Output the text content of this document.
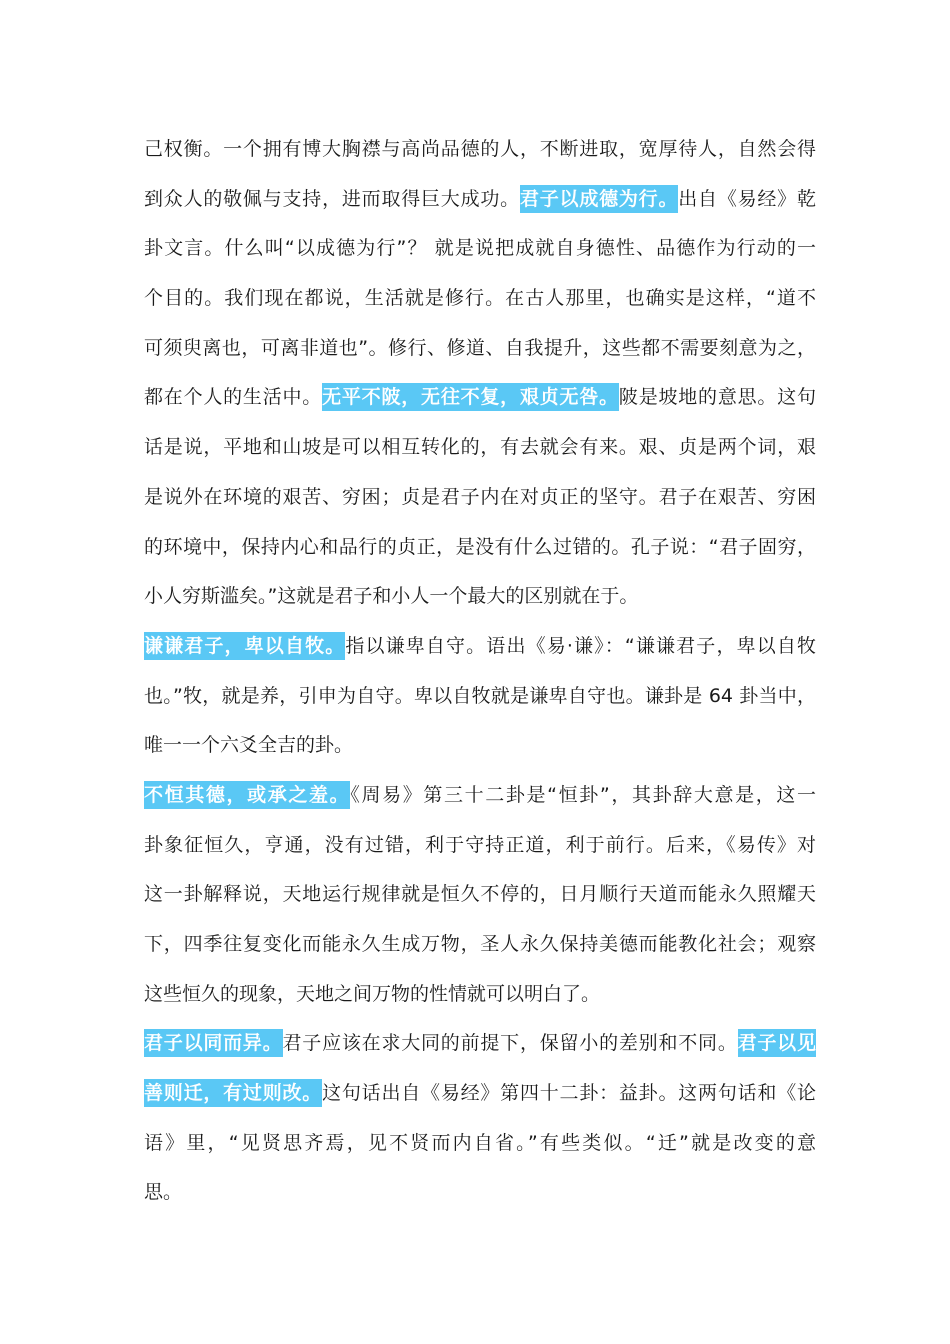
己权衡。一个拥有博大胸襟与高尚品德的人，不断进取，宽厚待人，自然会得
到众人的敬佩与支持，进而取得巨大成功。君子以成德为行。出自《易经》乾
卦文言。什么叫“以成德为行”？ 就是说把成就自身德性、品德作为行动的一
个目的。我们现在都说，生活就是修行。在古人那里，也确实是这样，“道不
可须臾离也，可离非道也”。修行、修道、自我提升，这些都不需要刻意为之，
都在个人的生活中。无平不陂，无往不复，艰贞无咎。陂是坡地的意思。这句
话是说，平地和山坡是可以相互转化的，有去就会有来。艰、贞是两个词，艰
是说外在环境的艰苦、穷困；贞是君子内在对贞正的坚守。君子在艰苦、穷困
的环境中，保持内心和品行的贞正，是没有什么过错的。孔子说：“君子固穷，
小人穷斯滥矣。”这就是君子和小人一个最大的区别就在于。
谦谦君子，卑以自牧。指以谦卑自守。语出《易·谦》：“谦谦君子，卑以自牧
也。”牧，就是养，引申为自守。卑以自牧就是谦卑自守也。谦卦是 64 卦当中，
唯一一个六爻全吉的卦。
不恒其德，或承之羞。《周易》第三十二卦是“恒卦”，其卦辞大意是，这一
卦象征恒久，亨通，没有过错，利于守持正道，利于前行。后来，《易传》对
这一卦解释说，天地运行规律就是恒久不停的，日月顺行天道而能永久照耀天
下，四季往复变化而能永久生成万物，圣人永久保持美德而能教化社会；观察
这些恒久的现象，天地之间万物的性情就可以明白了。
君子以同而异。君子应该在求大同的前提下，保留小的差别和不同。君子以见
善则迁，有过则改。这句话出自《易经》第四十二卦：益卦。这两句话和《论
语》里，“见贤思齐焉，见不贤而内自省。”有些类似。“迁”就是改变的意
思。
